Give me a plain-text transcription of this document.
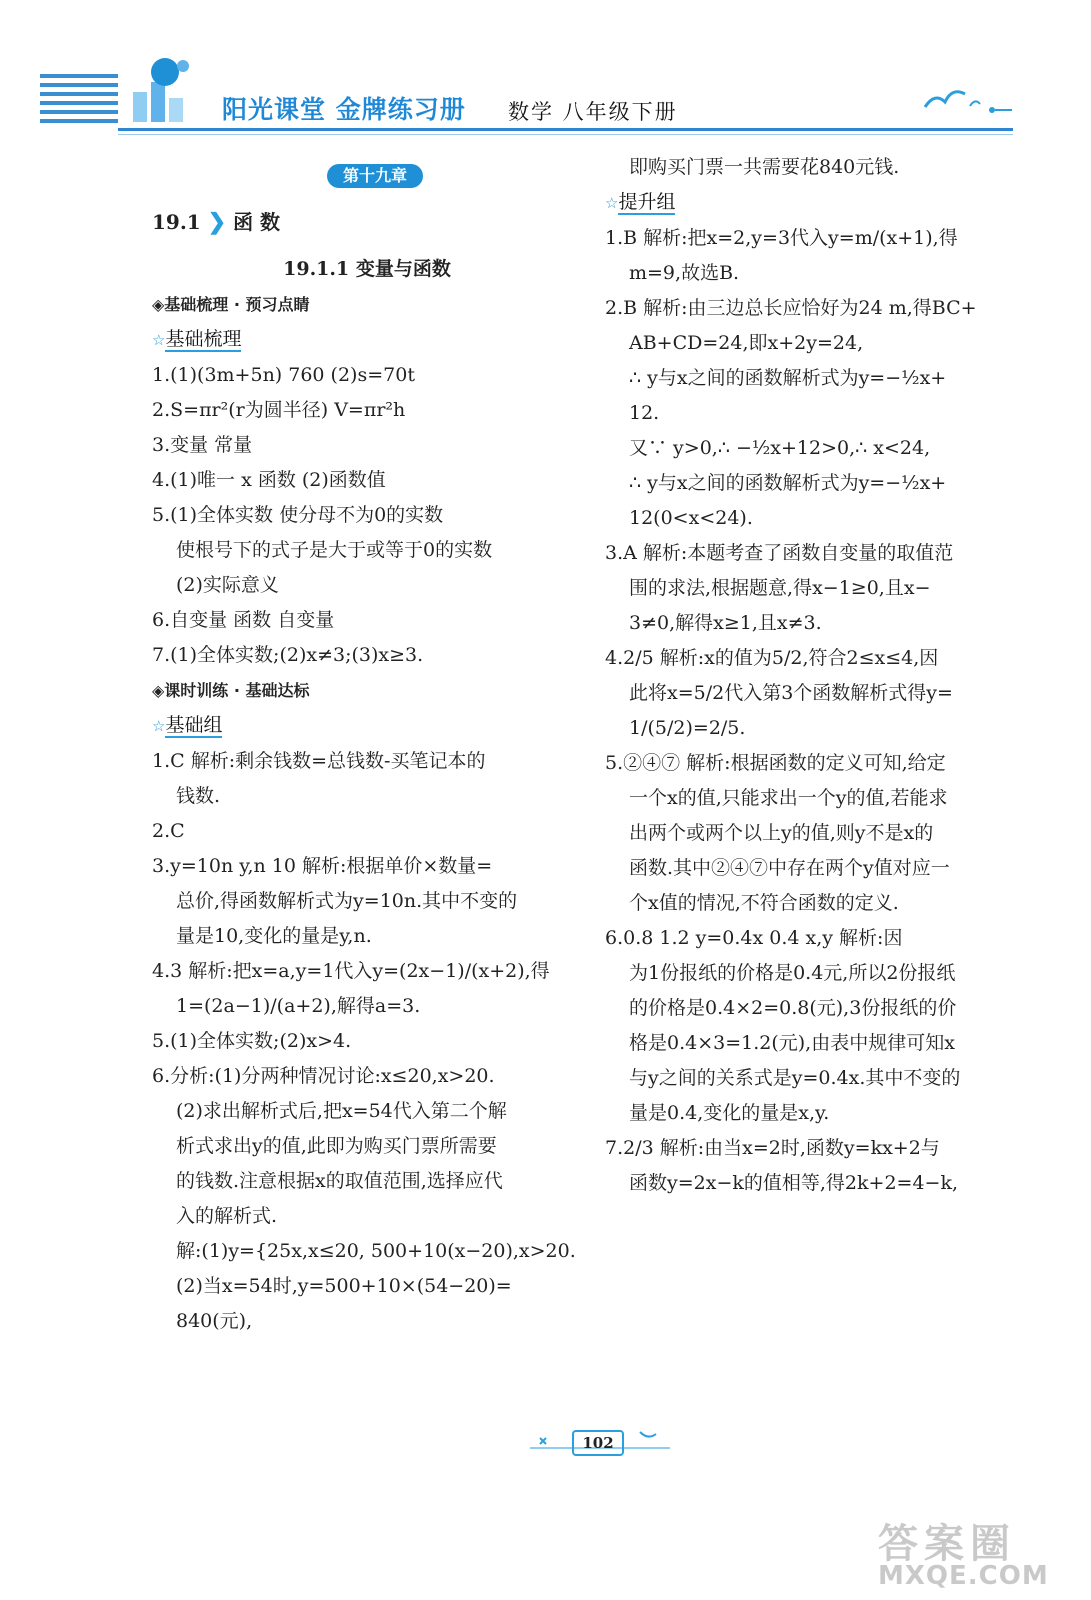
阳光课堂 金牌练习册 数学 八年级下册
第十九章
19.1 ❯ 函 数
19.1.1 变量与函数
◈基础梳理 · 预习点睛
☆基础梳理
1.(1)(3m+5n) 760 (2)s=70t
2.S=πr²(r为圆半径) V=πr²h
3.变量 常量
4.(1)唯一 x 函数 (2)函数值
5.(1)全体实数 使分母不为0的实数
使根号下的式子是大于或等于0的实数
(2)实际意义
6.自变量 函数 自变量
7.(1)全体实数;(2)x≠3;(3)x≥3.
◈课时训练 · 基础达标
☆基础组
1.C 解析:剩余钱数=总钱数-买笔记本的
钱数.
2.C
3.y=10n y,n 10 解析:根据单价×数量=
总价,得函数解析式为y=10n.其中不变的
量是10,变化的量是y,n.
4.3 解析:把x=a,y=1代入y=(2x−1)/(x+2),得
1=(2a−1)/(a+2),解得a=3.
5.(1)全体实数;(2)x>4.
6.分析:(1)分两种情况讨论:x≤20,x>20.
(2)求出解析式后,把x=54代入第二个解
析式求出y的值,此即为购买门票所需要
的钱数.注意根据x的取值范围,选择应代
入的解析式.
解:(1)y={25x,x≤20, 500+10(x−20),x>20.
(2)当x=54时,y=500+10×(54−20)=
840(元),
即购买门票一共需要花840元钱.
☆提升组
1.B 解析:把x=2,y=3代入y=m/(x+1),得
m=9,故选B.
2.B 解析:由三边总长应恰好为24 m,得BC+
AB+CD=24,即x+2y=24,
∴ y与x之间的函数解析式为y=−½x+
12.
又∵ y>0,∴ −½x+12>0,∴ x<24,
∴ y与x之间的函数解析式为y=−½x+
12(0<x<24).
3.A 解析:本题考查了函数自变量的取值范
围的求法,根据题意,得x−1≥0,且x−
3≠0,解得x≥1,且x≠3.
4.2/5 解析:x的值为5/2,符合2≤x≤4,因
此将x=5/2代入第3个函数解析式得y=
1/(5/2)=2/5.
5.②④⑦ 解析:根据函数的定义可知,给定
一个x的值,只能求出一个y的值,若能求
出两个或两个以上y的值,则y不是x的
函数.其中②④⑦中存在两个y值对应一
个x值的情况,不符合函数的定义.
6.0.8 1.2 y=0.4x 0.4 x,y 解析:因
为1份报纸的价格是0.4元,所以2份报纸
的价格是0.4×2=0.8(元),3份报纸的价
格是0.4×3=1.2(元),由表中规律可知x
与y之间的关系式是y=0.4x.其中不变的
量是0.4,变化的量是x,y.
7.2/3 解析:由当x=2时,函数y=kx+2与
函数y=2x−k的值相等,得2k+2=4−k,
102
答案圈
MXQE.COM
